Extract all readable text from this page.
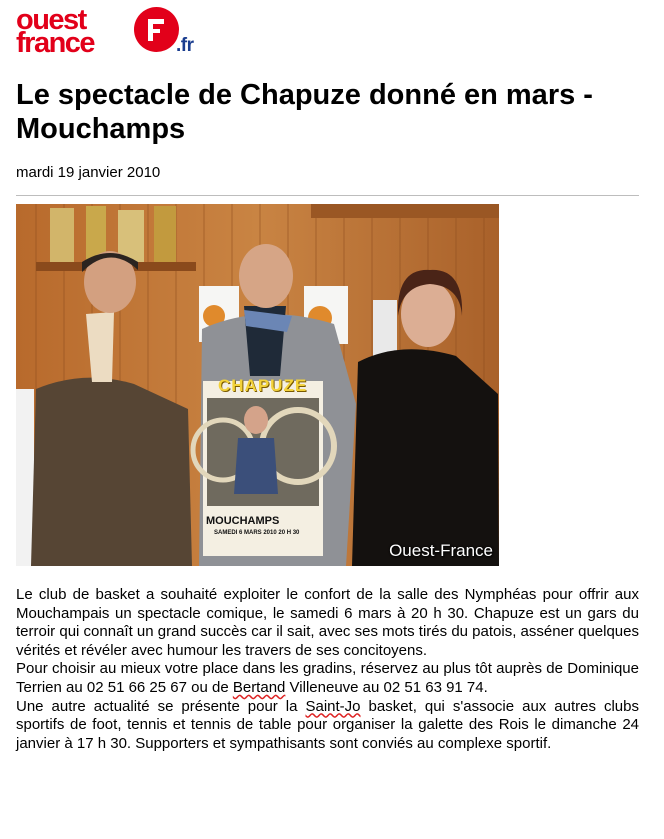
ouest
france	.fr
Le spectacle de Chapuze donné en mars - Mouchamps
mardi 19 janvier 2010
CHAPUZE
MOUCHAMPS
SAMEDI 6 MARS 2010 20 H 30
Ouest-France

Le club de basket a souhaité exploiter le confort de la salle des Nymphéas pour offrir aux Mouchampais un spectacle comique, le samedi 6 mars à 20 h 30. Chapuze est un gars du terroir qui connaît un grand succès car il sait, avec ses mots tirés du patois, asséner quelques vérités et révéler avec humour les travers de ses concitoyens.

Pour choisir au mieux votre place dans les gradins, réservez au plus tôt auprès de Dominique Terrien au 02 51 66 25 67 ou de Bertand Villeneuve au 02 51 63 91 74.

Une autre actualité se présente pour la Saint-Jo basket, qui s'associe aux autres clubs sportifs de foot, tennis et tennis de table pour organiser la galette des Rois le dimanche 24 janvier à 17 h 30. Supporters et sympathisants sont conviés au complexe sportif.
